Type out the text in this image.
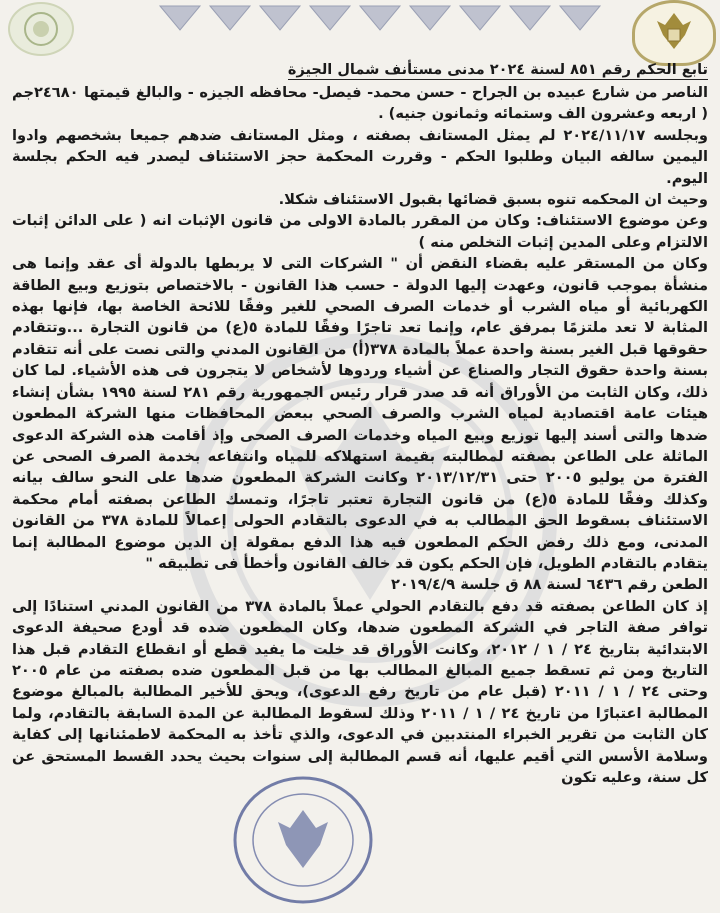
تابع الحكم رقم ٨٥١ لسنة ٢٠٢٤ مدنى مستأنف شمال الجيزة

الناصر من شارع عبيده بن الجراح - حسن محمد- فيصل- محافظه الجيزه - والبالغ قيمتها ٢٤٦٨٠جم ( اربعه وعشرون الف وستمائه وثمانون جنيه) .

وبجلسه ٢٠٢٤/١١/١٧ لم يمثل المستانف بصفته ، ومثل المستانف ضدهم جميعا بشخصهم وادوا اليمين سالفه البيان وطلبوا الحكم - وقررت المحكمة حجز الاستئناف ليصدر فيه الحكم بجلسة اليوم.

وحيث ان المحكمه تنوه بسبق قضائها بقبول الاستئناف شكلا.

وعن موضوع الاستئناف: وكان من المقرر بالمادة الاولى من قانون الإثبات انه ( على الدائن إثبات الالتزام وعلى المدين إثبات التخلص منه )

وكان من المستقر عليه بقضاء النقض أن " الشركات التى لا يربطها بالدولة أى عقد وإنما هى منشأة بموجب قانون، وعهدت إليها الدولة - حسب هذا القانون - بالاختصاص بتوزيع وبيع الطاقة الكهربائية أو مياه الشرب أو خدمات الصرف الصحي للغير وفقًا للائحة الخاصة بها، فإنها بهذه المثابة لا تعد ملتزمًا بمرفق عام، وإنما تعد تاجرًا وفقًا للمادة ٥(ع) من قانون التجارة ...وتتقادم حقوقها قبل الغير بسنة واحدة عملاً بالمادة ٣٧٨(أ) من القانون المدني والتى نصت على أنه تتقادم بسنة واحدة حقوق التجار والصناع عن أشياء وردوها لأشخاص لا يتجرون فى هذه الأشياء. لما كان ذلك، وكان الثابت من الأوراق أنه قد صدر قرار رئيس الجمهورية رقم ٢٨١ لسنة ١٩٩٥ بشأن إنشاء هيئات عامة اقتصادية لمياه الشرب والصرف الصحي ببعض المحافظات منها الشركة المطعون ضدها والتى أسند إليها توزيع وبيع المياه وخدمات الصرف الصحى وإذ أقامت هذه الشركة الدعوى الماثلة على الطاعن بصفته لمطالبته بقيمة استهلاكه للمياه وانتفاعه بخدمة الصرف الصحى عن الفترة من يوليو ٢٠٠٥ حتى ٢٠١٣/١٢/٣١ وكانت الشركة المطعون ضدها على النحو سالف بيانه وكذلك وفقًا للمادة ٥(ع) من قانون التجارة تعتبر تاجرًا، وتمسك الطاعن بصفته أمام محكمة الاستئناف بسقوط الحق المطالب به في الدعوى بالتقادم الحولى إعمالاً للمادة ٣٧٨ من القانون المدنى، ومع ذلك رفض الحكم المطعون فيه هذا الدفع بمقولة إن الدين موضوع المطالبة إنما يتقادم بالتقادم الطويل، فإن الحكم يكون قد خالف القانون وأخطأ فى تطبيقه "

الطعن رقم ٦٤٣٦ لسنة ٨٨ ق جلسة ٢٠١٩/٤/٩

إذ كان الطاعن بصفته قد دفع بالتقادم الحولي عملاً بالمادة ٣٧٨ من القانون المدني استنادًا إلى توافر صفة التاجر في الشركة المطعون ضدها، وكان المطعون ضده قد أودع صحيفة الدعوى الابتدائية بتاريخ ٢٤ / ١ / ٢٠١٢، وكانت الأوراق قد خلت ما يفيد قطع أو انقطاع التقادم قبل هذا التاريخ ومن ثم تسقط جميع المبالغ المطالب بها من قبل المطعون ضده بصفته من عام ٢٠٠٥ وحتى ٢٤ / ١ / ٢٠١١ (قبل عام من تاريخ رفع الدعوى)، ويحق للأخير المطالبة بالمبالغ موضوع المطالبة اعتبارًا من تاريخ ٢٤ / ١ / ٢٠١١ وذلك لسقوط المطالبة عن المدة السابقة بالتقادم، ولما كان الثابت من تقرير الخبراء المنتدبين في الدعوى، والذي تأخذ به المحكمة لاطمئنانها إلى كفاية وسلامة الأسس التي أقيم عليها، أنه قسم المطالبة إلى سنوات بحيث يحدد القسط المستحق عن كل سنة، وعليه تكون
